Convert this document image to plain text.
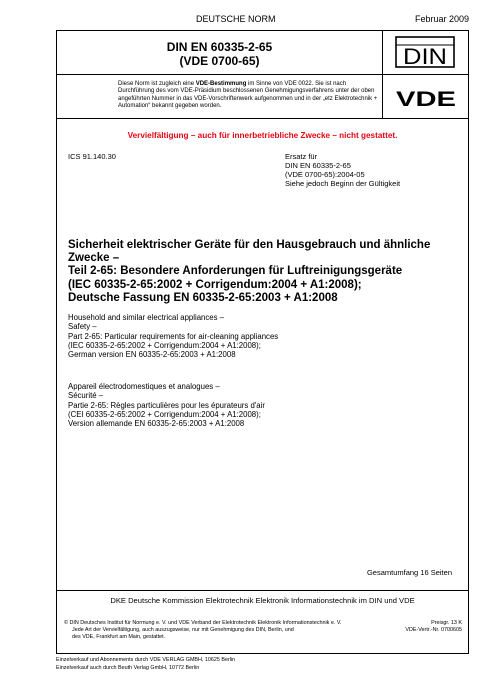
DEUTSCHE NORM	Februar 2009
DIN EN 60335-2-65
(VDE 0700-65)	DIN
Diese Norm ist zugleich eine VDE-Bestimmung im Sinne von VDE 0022. Sie ist nach Durchführung des vom VDE-Präsidium beschlossenen Genehmigungsverfahrens unter der oben angeführten Nummer in das VDE-Vorschriftenwerk aufgenommen und in der „etz Elektrotechnik + Automation“ bekannt gegeben worden.	VDE
Vervielfältigung – auch für innerbetriebliche Zwecke – nicht gestattet.
ICS 91.140.30	Ersatz für
DIN EN 60335-2-65
(VDE 0700-65):2004-05
Siehe jedoch Beginn der Gültigkeit
Sicherheit elektrischer Geräte für den Hausgebrauch und ähnliche
Zwecke –
Teil 2-65: Besondere Anforderungen für Luftreinigungsgeräte
(IEC 60335-2-65:2002 + Corrigendum:2004 + A1:2008);
Deutsche Fassung EN 60335-2-65:2003 + A1:2008
Household and similar electrical appliances –
Safety –
Part 2-65: Particular requirements for air-cleaning appliances
(IEC 60335-2-65:2002 + Corrigendum:2004 + A1:2008);
German version EN 60335-2-65:2003 + A1:2008
Appareil électrodomestiques et analogues –
Sécurité –
Partie 2-65: Règles particulières pour les épurateurs d'air
(CEI 60335-2-65:2002 + Corrigendum:2004 + A1:2008);
Version allemande EN 60335-2-65:2003 + A1:2008
Gesamtumfang 16 Seiten
DKE Deutsche Kommission Elektrotechnik Elektronik Informationstechnik im DIN und VDE
© DIN Deutsches Institut für Normung e. V. und VDE Verband der Elektrotechnik Elektronik Informationstechnik e. V.
Jede Art der Vervielfältigung, auch auszugsweise, nur mit Genehmigung des DIN, Berlin, und
des VDE, Frankfurt am Main, gestattet.
Preisgr. 13 K
VDE-Vertr.-Nr. 0700605
Einzelverkauf und Abonnements durch VDE VERLAG GMBH, 10625 Berlin
Einzelverkauf auch durch Beuth Verlag GmbH, 10772 Berlin
